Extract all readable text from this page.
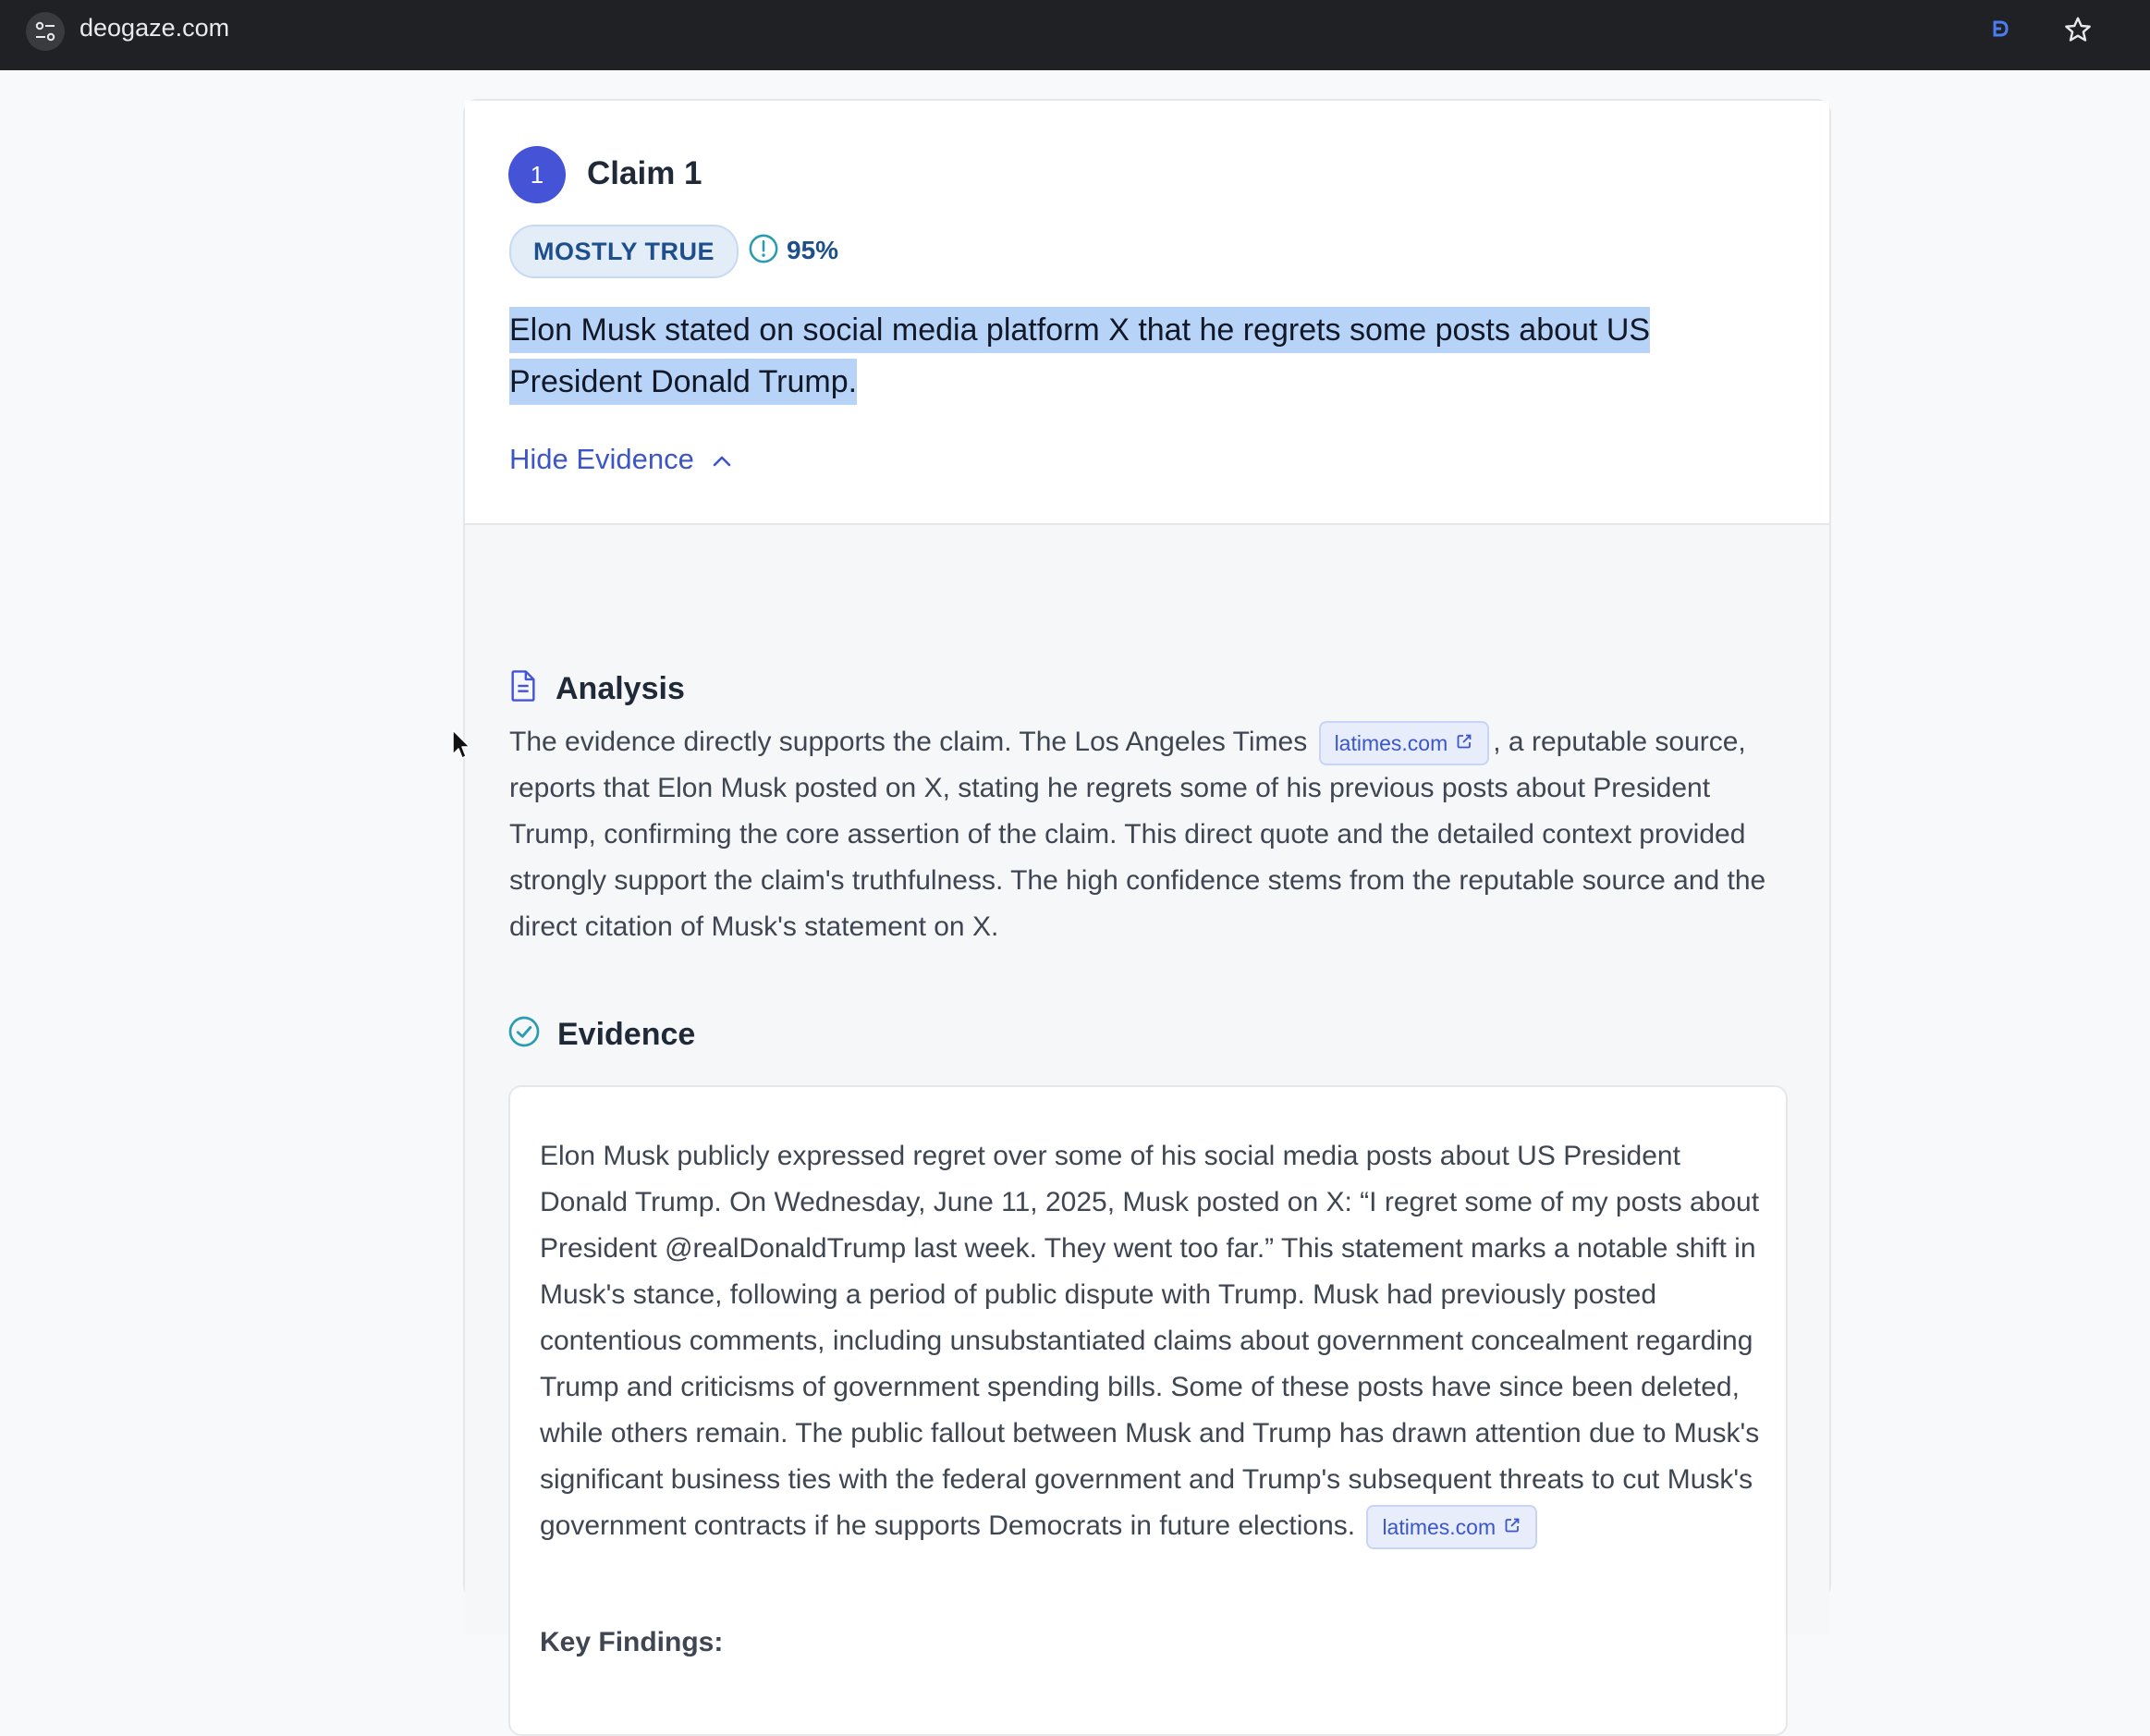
deogaze.com
1	Claim 1
MOSTLY TRUE	95%
Elon Musk stated on social media platform X that he regrets some posts about US President Donald Trump.
Hide Evidence
Analysis
The evidence directly supports the claim. The Los Angeles Times latimes.com , a reputable source, reports that Elon Musk posted on X, stating he regrets some of his previous posts about President Trump, confirming the core assertion of the claim. This direct quote and the detailed context provided strongly support the claim's truthfulness. The high confidence stems from the reputable source and the direct citation of Musk's statement on X.
Evidence
Elon Musk publicly expressed regret over some of his social media posts about US President Donald Trump. On Wednesday, June 11, 2025, Musk posted on X: “I regret some of my posts about President @realDonaldTrump last week. They went too far.” This statement marks a notable shift in Musk's stance, following a period of public dispute with Trump. Musk had previously posted contentious comments, including unsubstantiated claims about government concealment regarding Trump and criticisms of government spending bills. Some of these posts have since been deleted, while others remain. The public fallout between Musk and Trump has drawn attention due to Musk's significant business ties with the federal government and Trump's subsequent threats to cut Musk's government contracts if he supports Democrats in future elections. latimes.com
Key Findings:
